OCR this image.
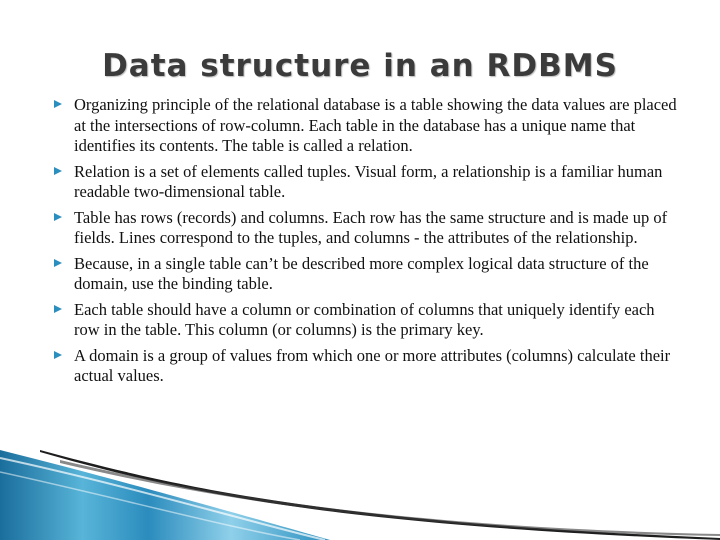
Data structure in an RDBMS
Organizing principle of the relational database is a table showing the data values are placed at the intersections of row-column. Each table in the database has a unique name that identifies its contents. The table is called a relation.
Relation is a set of elements called tuples. Visual form, a relationship is a familiar human readable two-dimensional table.
Table has rows (records) and columns. Each row has the same structure and is made up of fields. Lines correspond to the tuples, and columns - the attributes of the relationship.
Because, in a single table can’t be described more complex logical data structure of the domain, use the binding table.
Each table should have a column or combination of columns that uniquely identify each row in the table. This column (or columns) is the primary key.
A domain is a group of values from which one or more attributes (columns) calculate their actual values.
